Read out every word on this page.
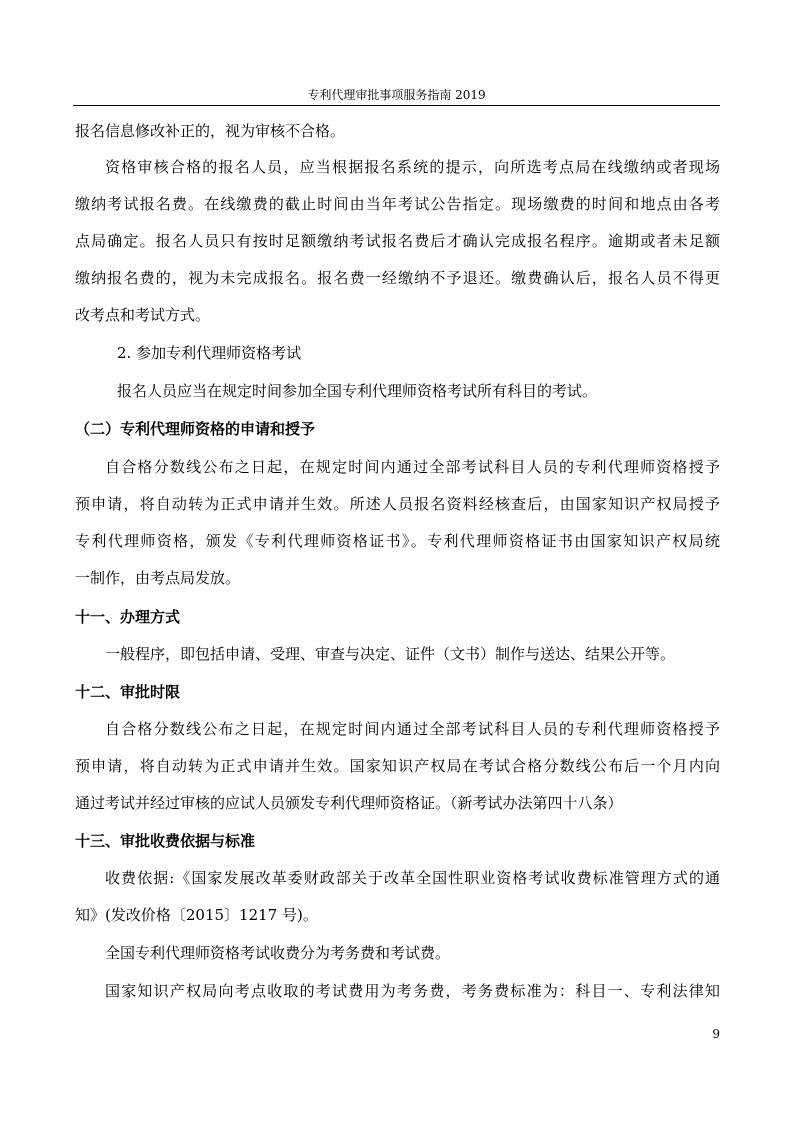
专利代理审批事项服务指南 2019
报名信息修改补正的，视为审核不合格。
资格审核合格的报名人员，应当根据报名系统的提示，向所选考点局在线缴纳或者现场
缴纳考试报名费。在线缴费的截止时间由当年考试公告指定。现场缴费的时间和地点由各考
点局确定。报名人员只有按时足额缴纳考试报名费后才确认完成报名程序。逾期或者未足额
缴纳报名费的，视为未完成报名。报名费一经缴纳不予退还。缴费确认后，报名人员不得更
改考点和考试方式。
2. 参加专利代理师资格考试
报名人员应当在规定时间参加全国专利代理师资格考试所有科目的考试。
（二）专利代理师资格的申请和授予
自合格分数线公布之日起，在规定时间内通过全部考试科目人员的专利代理师资格授予
预申请，将自动转为正式申请并生效。所述人员报名资料经核查后，由国家知识产权局授予
专利代理师资格，颁发《专利代理师资格证书》。专利代理师资格证书由国家知识产权局统
一制作，由考点局发放。
十一、办理方式
一般程序，即包括申请、受理、审查与决定、证件（文书）制作与送达、结果公开等。
十二、审批时限
自合格分数线公布之日起，在规定时间内通过全部考试科目人员的专利代理师资格授予
预申请，将自动转为正式申请并生效。国家知识产权局在考试合格分数线公布后一个月内向
通过考试并经过审核的应试人员颁发专利代理师资格证。（新考试办法第四十八条）
十三、审批收费依据与标准
收费依据:《国家发展改革委财政部关于改革全国性职业资格考试收费标准管理方式的通
知》(发改价格〔2015〕1217 号)。
全国专利代理师资格考试收费分为考务费和考试费。
国家知识产权局向考点收取的考试费用为考务费，考务费标准为：科目一、专利法律知
9
